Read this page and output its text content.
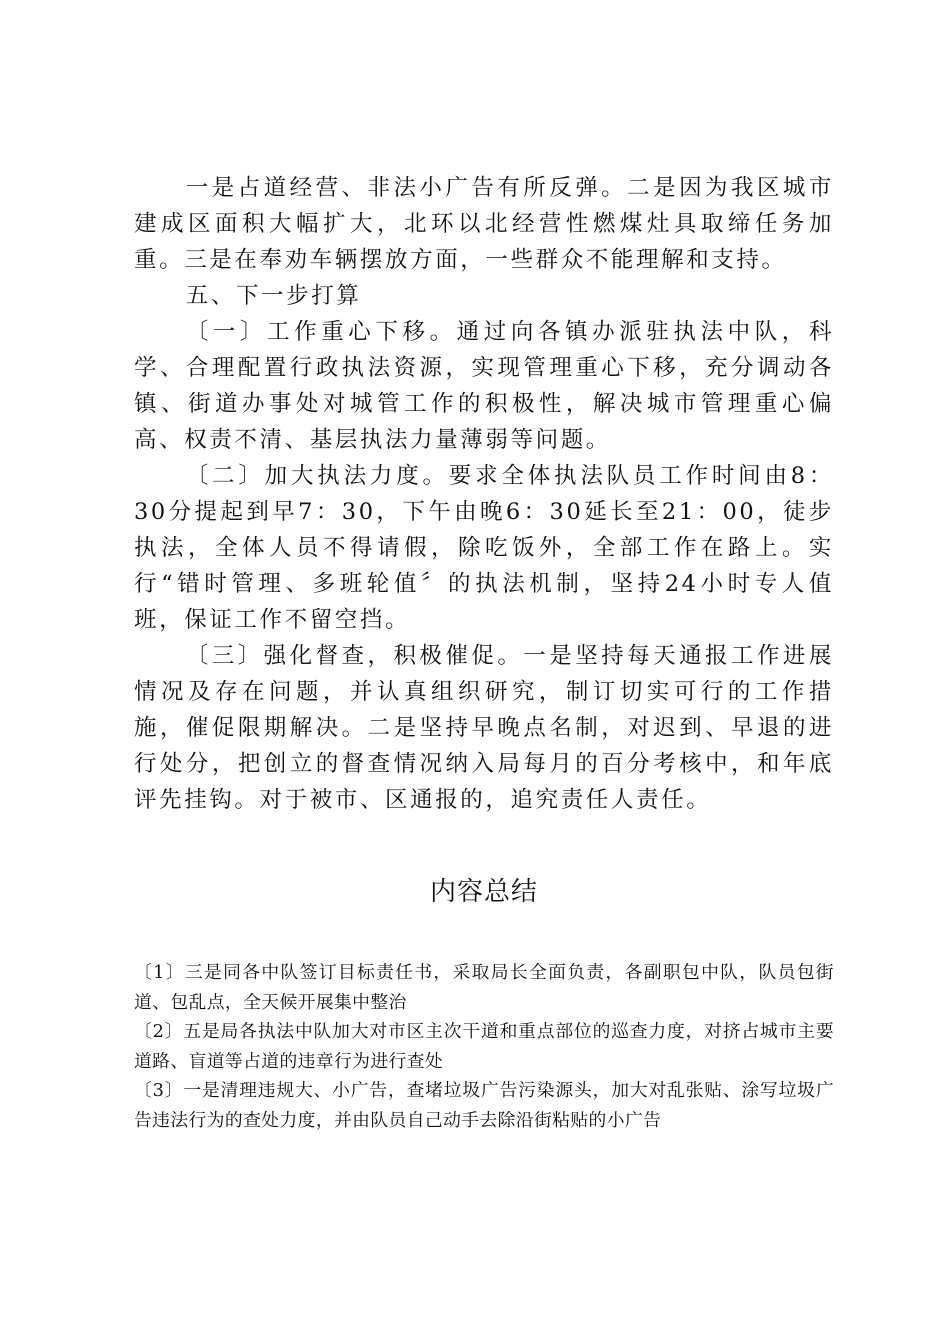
一是占道经营、非法小广告有所反弹。二是因为我区城市建成区面积大幅扩大，北环以北经营性燃煤灶具取缔任务加重。三是在奉劝车辆摆放方面，一些群众不能理解和支持。

五、下一步打算

〔一〕工作重心下移。通过向各镇办派驻执法中队，科学、合理配置行政执法资源，实现管理重心下移，充分调动各镇、街道办事处对城管工作的积极性，解决城市管理重心偏高、权责不清、基层执法力量薄弱等问题。

〔二〕加大执法力度。要求全体执法队员工作时间由8：30分提起到早7：30，下午由晚6：30延长至21：00，徒步执法，全体人员不得请假，除吃饭外，全部工作在路上。实行“错时管理、多班轮值〞的执法机制，坚持24小时专人值班，保证工作不留空挡。

〔三〕强化督查，积极催促。一是坚持每天通报工作进展情况及存在问题，并认真组织研究，制订切实可行的工作措施，催促限期解决。二是坚持早晚点名制，对迟到、早退的进行处分，把创立的督查情况纳入局每月的百分考核中，和年底评先挂钩。对于被市、区通报的，追究责任人责任。

内容总结

〔1〕三是同各中队签订目标责任书，采取局长全面负责，各副职包中队，队员包街道、包乱点，全天候开展集中整治

〔2〕五是局各执法中队加大对市区主次干道和重点部位的巡查力度，对挤占城市主要道路、盲道等占道的违章行为进行查处

〔3〕一是清理违规大、小广告，查堵垃圾广告污染源头，加大对乱张贴、涂写垃圾广告违法行为的查处力度，并由队员自己动手去除沿街粘贴的小广告
